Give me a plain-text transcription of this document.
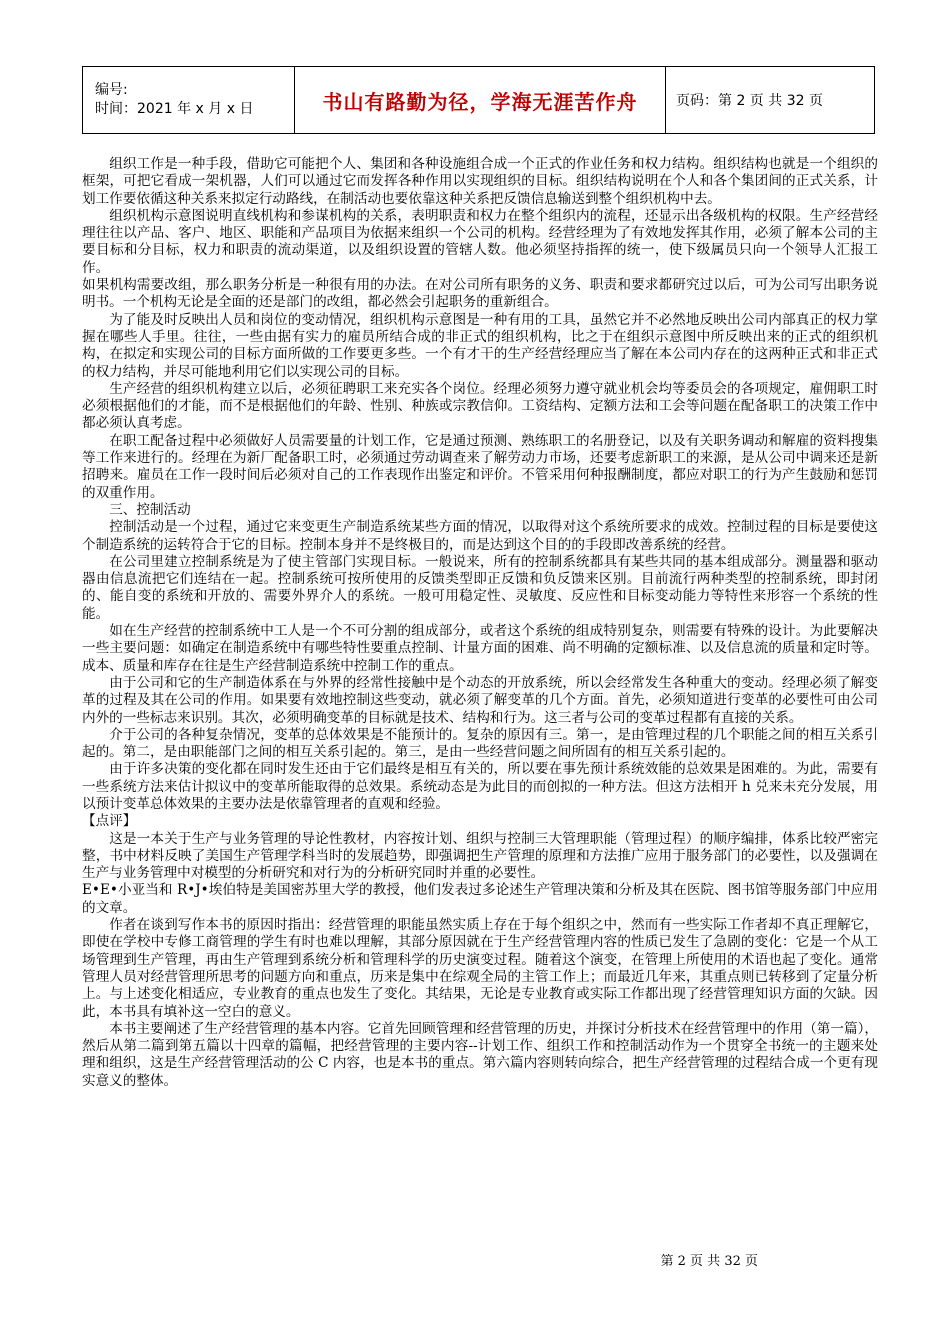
编号:
时间：2021 年 x 月 x 日	书山有路勤为径，学海无涯苦作舟	页码：第 2 页 共 32 页

组织工作是一种手段，借助它可能把个人、集团和各种设施组合成一个正式的作业任务和权力结构。组织结构也就是一个组织的框架，可把它看成一架机器，人们可以通过它而发挥各种作用以实现组织的目标。组织结构说明在个人和各个集团间的正式关系，计划工作要依循这种关系来拟定行动路线，在制活动也要依靠这种关系把反馈信息输送到整个组织机构中去。

组织机构示意图说明直线机构和参谋机构的关系，表明职责和权力在整个组织内的流程，还显示出各级机构的权限。生产经营经理往往以产品、客户、地区、职能和产品项目为依据来组织一个公司的机构。经营经理为了有效地发挥其作用，必须了解本公司的主要目标和分目标，权力和职责的流动渠道，以及组织设置的管辖人数。他必须坚持指挥的统一，使下级属员只向一个领导人汇报工作。

如果机构需要改组，那么职务分析是一种很有用的办法。在对公司所有职务的义务、职责和要求都研究过以后，可为公司写出职务说明书。一个机构无论是全面的还是部门的改组，都必然会引起职务的重新组合。

为了能及时反映出人员和岗位的变动情况，组织机构示意图是一种有用的工具，虽然它并不必然地反映出公司内部真正的权力掌握在哪些人手里。往往，一些由据有实力的雇员所结合成的非正式的组织机构，比之于在组织示意图中所反映出来的正式的组织机构，在拟定和实现公司的目标方面所做的工作要更多些。一个有才干的生产经营经理应当了解在本公司内存在的这两种正式和非正式的权力结构，并尽可能地利用它们以实现公司的目标。

生产经营的组织机构建立以后，必须征聘职工来充实各个岗位。经理必须努力遵守就业机会均等委员会的各项规定，雇佣职工时必须根据他们的才能，而不是根据他们的年龄、性别、种族或宗教信仰。工资结构、定额方法和工会等问题在配备职工的决策工作中都必须认真考虑。

在职工配备过程中必须做好人员需要量的计划工作，它是通过预测、熟练职工的名册登记，以及有关职务调动和解雇的资料搜集等工作来进行的。经理在为新厂配备职工时，必须通过劳动调查来了解劳动力市场，还要考虑新职工的来源，是从公司中调来还是新招聘来。雇员在工作一段时间后必须对自己的工作表现作出鉴定和评价。不管采用何种报酬制度，都应对职工的行为产生鼓励和惩罚的双重作用。

三、控制活动

控制活动是一个过程，通过它来变更生产制造系统某些方面的情况，以取得对这个系统所要求的成效。控制过程的目标是要使这个制造系统的运转符合于它的目标。控制本身并不是终极目的，而是达到这个目的的手段即改善系统的经营。

在公司里建立控制系统是为了使主管部门实现目标。一般说来，所有的控制系统都具有某些共同的基本组成部分。测量器和驱动器由信息流把它们连结在一起。控制系统可按所使用的反馈类型即正反馈和负反馈来区别。目前流行两种类型的控制系统，即封闭的、能自变的系统和开放的、需要外界介人的系统。一般可用稳定性、灵敏度、反应性和目标变动能力等特性来形容一个系统的性能。

如在生产经营的控制系统中工人是一个不可分割的组成部分，或者这个系统的组成特别复杂，则需要有特殊的设计。为此要解决一些主要问题：如确定在制造系统中有哪些特性要重点控制、计量方面的困难、尚不明确的定额标准、以及信息流的质量和定时等。成本、质量和库存在往是生产经营制造系统中控制工作的重点。

由于公司和它的生产制造体系在与外界的经常性接触中是个动态的开放系统，所以会经常发生各种重大的变动。经理必须了解变革的过程及其在公司的作用。如果要有效地控制这些变动，就必须了解变革的几个方面。首先，必须知道进行变革的必要性可由公司内外的一些标志来识别。其次，必须明确变革的目标就是技术、结构和行为。这三者与公司的变革过程都有直接的关系。

介于公司的各种复杂情况，变革的总体效果是不能预计的。复杂的原因有三。第一，是由管理过程的几个职能之间的相互关系引起的。第二，是由职能部门之间的相互关系引起的。第三，是由一些经营问题之间所固有的相互关系引起的。

由于许多决策的变化都在同时发生还由于它们最终是相互有关的，所以要在事先预计系统效能的总效果是困难的。为此，需要有一些系统方法来估计拟议中的变革所能取得的总效果。系统动态是为此目的而创拟的一种方法。但这方法相开 h 兑来未充分发展，用以预计变革总体效果的主要办法是依靠管理者的直观和经验。

【点评】

这是一本关于生产与业务管理的导论性教材，内容按计划、组织与控制三大管理职能（管理过程）的顺序编排，体系比较严密完整，书中材料反映了美国生产管理学科当时的发展趋势，即强调把生产管理的原理和方法推广应用于服务部门的必要性，以及强调在生产与业务管理中对模型的分析研究和对行为的分析研究同时并重的必要性。

E•E•小亚当和 R•J•埃伯特是美国密苏里大学的教授，他们发表过多论述生产管理决策和分析及其在医院、图书馆等服务部门中应用的文章。

作者在谈到写作本书的原因时指出：经营管理的职能虽然实质上存在于每个组织之中，然而有一些实际工作者却不真正理解它，即使在学校中专修工商管理的学生有时也难以理解，其部分原因就在于生产经营管理内容的性质已发生了急剧的变化：它是一个从工场管理到生产管理，再由生产管理到系统分析和管理科学的历史演变过程。随着这个演变，在管理上所使用的术语也起了变化。通常管理人员对经营管理所思考的问题方向和重点，历来是集中在综观全局的主管工作上；而最近几年来，其重点则已转移到了定量分析上。与上述变化相适应，专业教育的重点也发生了变化。其结果，无论是专业教育或实际工作都出现了经营管理知识方面的欠缺。因此，本书具有填补这一空白的意义。

本书主要阐述了生产经营管理的基本内容。它首先回顾管理和经营管理的历史，并探讨分析技术在经营管理中的作用（第一篇），然后从第二篇到第五篇以十四章的篇幅，把经营管理的主要内容--计划工作、组织工作和控制活动作为一个贯穿全书统一的主题来处理和组织，这是生产经营管理活动的公 C 内容，也是本书的重点。第六篇内容则转向综合，把生产经营管理的过程结合成一个更有现实意义的整体。

第 2 页 共 32 页
